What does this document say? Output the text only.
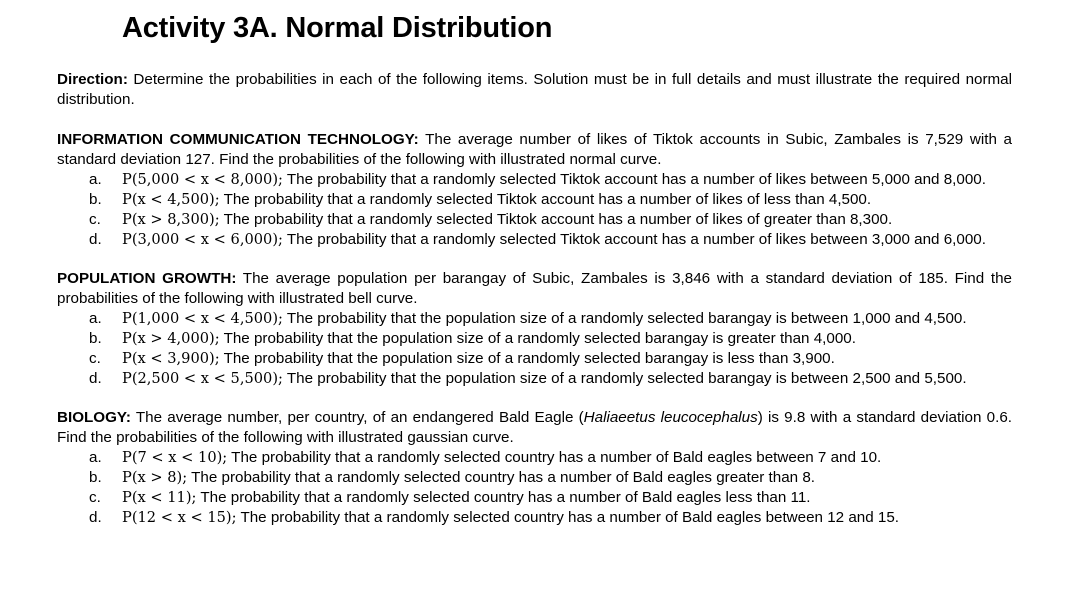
Activity 3A. Normal Distribution
Direction: Determine the probabilities in each of the following items. Solution must be in full details and must illustrate the required normal distribution.
INFORMATION COMMUNICATION TECHNOLOGY: The average number of likes of Tiktok accounts in Subic, Zambales is 7,529 with a standard deviation 127. Find the probabilities of the following with illustrated normal curve.
a.	P(5,000 < x < 8,000); The probability that a randomly selected Tiktok account has a number of likes between 5,000 and 8,000.
b.	P(x < 4,500); The probability that a randomly selected Tiktok account has a number of likes of less than 4,500.
c.	P(x > 8,300); The probability that a randomly selected Tiktok account has a number of likes of greater than 8,300.
d.	P(3,000 < x < 6,000); The probability that a randomly selected Tiktok account has a number of likes between 3,000 and 6,000.
POPULATION GROWTH: The average population per barangay of Subic, Zambales is 3,846 with a standard deviation of 185. Find the probabilities of the following with illustrated bell curve.
a.	P(1,000 < x < 4,500); The probability that the population size of a randomly selected barangay is between 1,000 and 4,500.
b.	P(x > 4,000); The probability that the population size of a randomly selected barangay is greater than 4,000.
c.	P(x < 3,900); The probability that the population size of a randomly selected barangay is less than 3,900.
d.	P(2,500 < x < 5,500); The probability that the population size of a randomly selected barangay is between 2,500 and 5,500.
BIOLOGY: The average number, per country, of an endangered Bald Eagle (Haliaeetus leucocephalus) is 9.8 with a standard deviation 0.6. Find the probabilities of the following with illustrated gaussian curve.
a.	P(7 < x < 10); The probability that a randomly selected country has a number of Bald eagles between 7 and 10.
b.	P(x > 8); The probability that a randomly selected country has a number of Bald eagles greater than 8.
c.	P(x < 11); The probability that a randomly selected country has a number of Bald eagles less than 11.
d.	P(12 < x < 15); The probability that a randomly selected country has a number of Bald eagles between 12 and 15.
